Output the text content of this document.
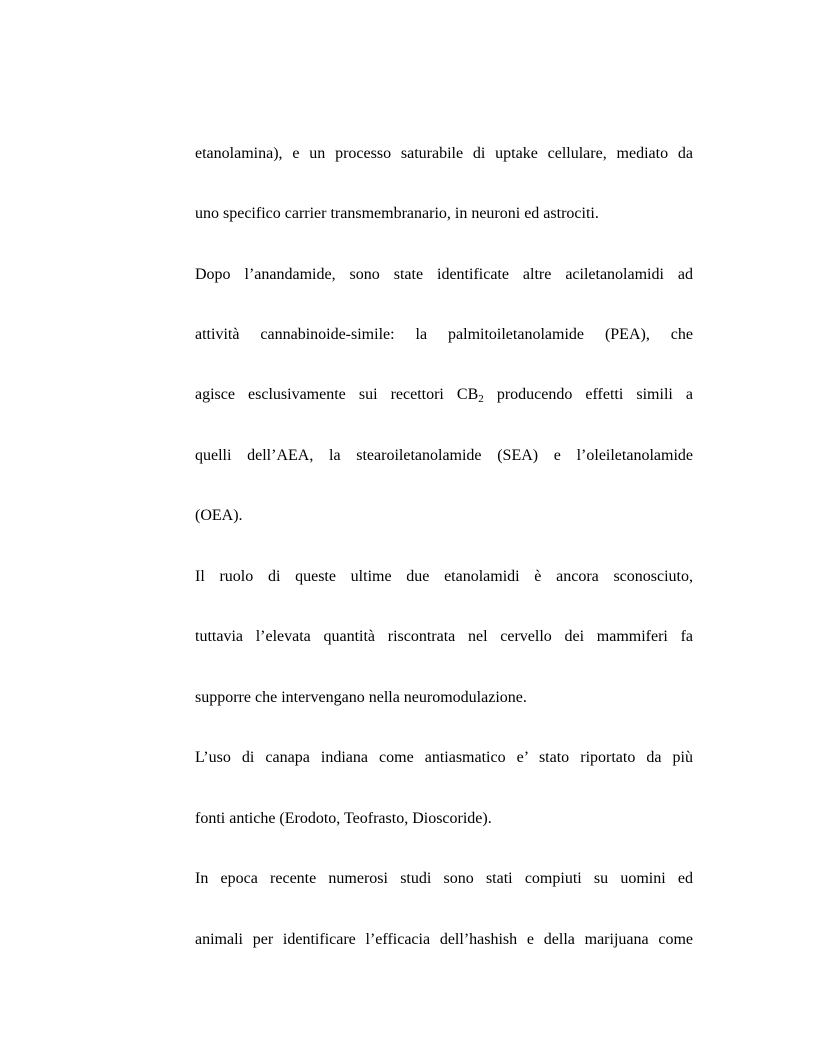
etanolamina), e un processo saturabile di uptake cellulare, mediato da
uno specifico carrier transmembranario, in neuroni ed astrociti.
Dopo l’anandamide, sono state identificate altre aciletanolamidi ad
attività cannabinoide-simile: la palmitoiletanolamide (PEA), che
agisce esclusivamente sui recettori $CB_2$ producendo effetti simili a
quelli dell’AEA, la stearoiletanolamide (SEA) e l’oleiletanolamide
(OEA).
Il ruolo di queste ultime due etanolamidi è ancora sconosciuto,
tuttavia l’elevata quantità riscontrata nel cervello dei mammiferi fa
supporre che intervengano nella neuromodulazione.
L’uso di canapa indiana come antiasmatico e’ stato riportato da più
fonti antiche (Erodoto, Teofrasto, Dioscoride).
In epoca recente numerosi studi sono stati compiuti su uomini ed
animali per identificare l’efficacia dell’hashish e della marijuana come
